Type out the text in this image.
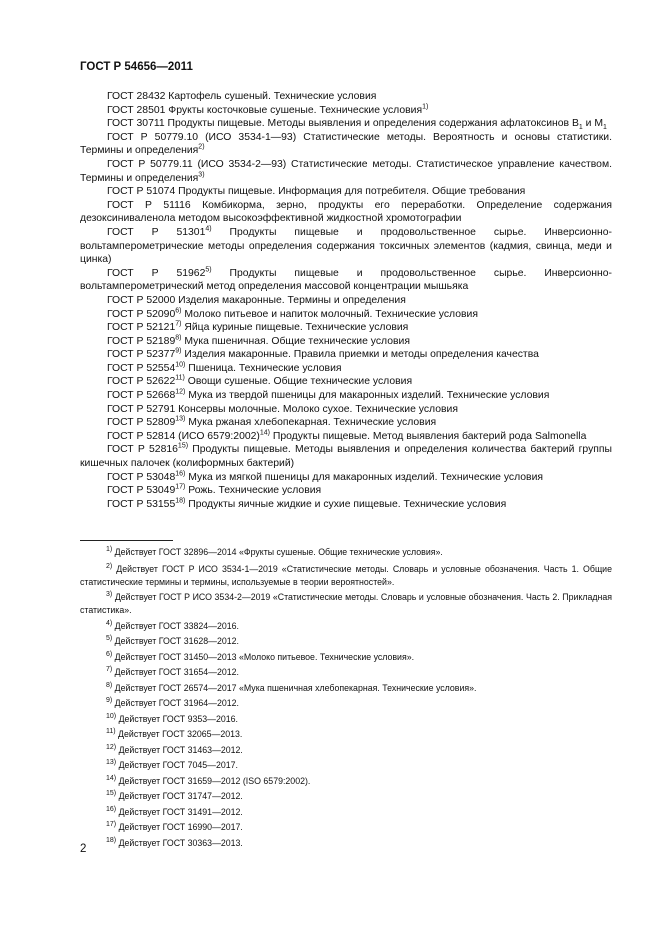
ГОСТ Р 54656—2011

ГОСТ 28432 Картофель сушеный. Технические условия

ГОСТ 28501 Фрукты косточковые сушеные. Технические условия$^{1)}$

ГОСТ 30711 Продукты пищевые. Методы выявления и определения содержания афлатоксинов $B_1$ и $M_1$

ГОСТ Р 50779.10 (ИСО 3534-1—93) Статистические методы. Вероятность и основы статистики. Термины и определения$^{2)}$

ГОСТ Р 50779.11 (ИСО 3534-2—93) Статистические методы. Статистическое управление качеством. Термины и определения$^{3)}$

ГОСТ Р 51074 Продукты пищевые. Информация для потребителя. Общие требования

ГОСТ Р 51116 Комбикорма, зерно, продукты его переработки. Определение содержания дезоксиниваленола методом высокоэффективной жидкостной хромотографии

ГОСТ Р 51301$^{4)}$ Продукты пищевые и продовольственное сырье. Инверсионно-вольтамперометрические методы определения содержания токсичных элементов (кадмия, свинца, меди и цинка)

ГОСТ Р 51962$^{5)}$ Продукты пищевые и продовольственное сырье. Инверсионно-вольтамперометрический метод определения массовой концентрации мышьяка

ГОСТ Р 52000 Изделия макаронные. Термины и определения

ГОСТ Р 52090$^{6)}$ Молоко питьевое и напиток молочный. Технические условия

ГОСТ Р 52121$^{7)}$ Яйца куриные пищевые. Технические условия

ГОСТ Р 52189$^{8)}$ Мука пшеничная. Общие технические условия

ГОСТ Р 52377$^{9)}$ Изделия макаронные. Правила приемки и методы определения качества

ГОСТ Р 52554$^{10)}$ Пшеница. Технические условия

ГОСТ Р 52622$^{11)}$ Овощи сушеные. Общие технические условия

ГОСТ Р 52668$^{12)}$ Мука из твердой пшеницы для макаронных изделий. Технические условия

ГОСТ Р 52791 Консервы молочные. Молоко сухое. Технические условия

ГОСТ Р 52809$^{13)}$ Мука ржаная хлебопекарная. Технические условия

ГОСТ Р 52814 (ИСО 6579:2002)$^{14)}$ Продукты пищевые. Метод выявления бактерий рода Salmonella

ГОСТ Р 52816$^{15)}$ Продукты пищевые. Методы выявления и определения количества бактерий группы кишечных палочек (колиформных бактерий)

ГОСТ Р 53048$^{16)}$ Мука из мягкой пшеницы для макаронных изделий. Технические условия

ГОСТ Р 53049$^{17)}$ Рожь. Технические условия

ГОСТ Р 53155$^{18)}$ Продукты яичные жидкие и сухие пищевые. Технические условия

$^{1)}$ Действует ГОСТ 32896—2014 «Фрукты сушеные. Общие технические условия».

$^{2)}$ Действует ГОСТ Р ИСО 3534-1—2019 «Статистические методы. Словарь и условные обозначения. Часть 1. Общие статистические термины и термины, используемые в теории вероятностей».

$^{3)}$ Действует ГОСТ Р ИСО 3534-2—2019 «Статистические методы. Словарь и условные обозначения. Часть 2. Прикладная статистика».

$^{4)}$ Действует ГОСТ 33824—2016.

$^{5)}$ Действует ГОСТ 31628—2012.

$^{6)}$ Действует ГОСТ 31450—2013 «Молоко питьевое. Технические условия».

$^{7)}$ Действует ГОСТ 31654—2012.

$^{8)}$ Действует ГОСТ 26574—2017 «Мука пшеничная хлебопекарная. Технические условия».

$^{9)}$ Действует ГОСТ 31964—2012.

$^{10)}$ Действует ГОСТ 9353—2016.

$^{11)}$ Действует ГОСТ 32065—2013.

$^{12)}$ Действует ГОСТ 31463—2012.

$^{13)}$ Действует ГОСТ 7045—2017.

$^{14)}$ Действует ГОСТ 31659—2012 (ISO 6579:2002).

$^{15)}$ Действует ГОСТ 31747—2012.

$^{16)}$ Действует ГОСТ 31491—2012.

$^{17)}$ Действует ГОСТ 16990—2017.

$^{18)}$ Действует ГОСТ 30363—2013.

2
